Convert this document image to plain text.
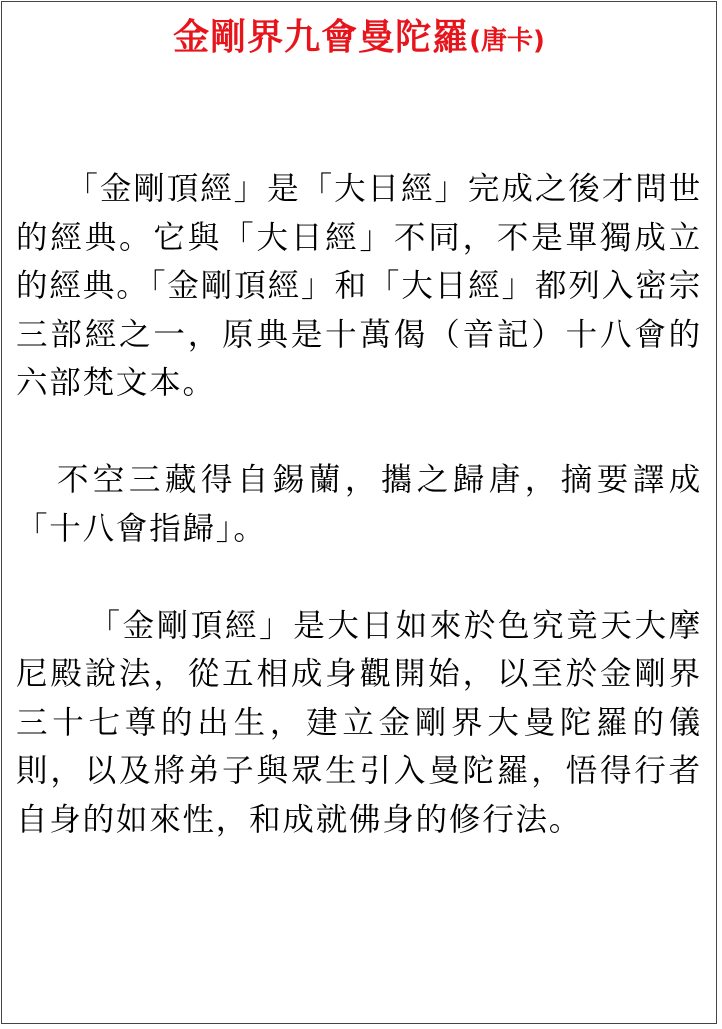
金剛界九會曼陀羅(唐卡)

「金剛頂經」是「大日經」完成之後才問世的經典。它與「大日經」不同，不是單獨成立的經典。「金剛頂經」和「大日經」都列入密宗三部經之一，原典是十萬偈（音記）十八會的六部梵文本。

不空三藏得自錫蘭，攜之歸唐，摘要譯成「十八會指歸」。

「金剛頂經」是大日如來於色究竟天大摩尼殿說法，從五相成身觀開始，以至於金剛界三十七尊的出生，建立金剛界大曼陀羅的儀則，以及將弟子與眾生引入曼陀羅，悟得行者自身的如來性，和成就佛身的修行法。
